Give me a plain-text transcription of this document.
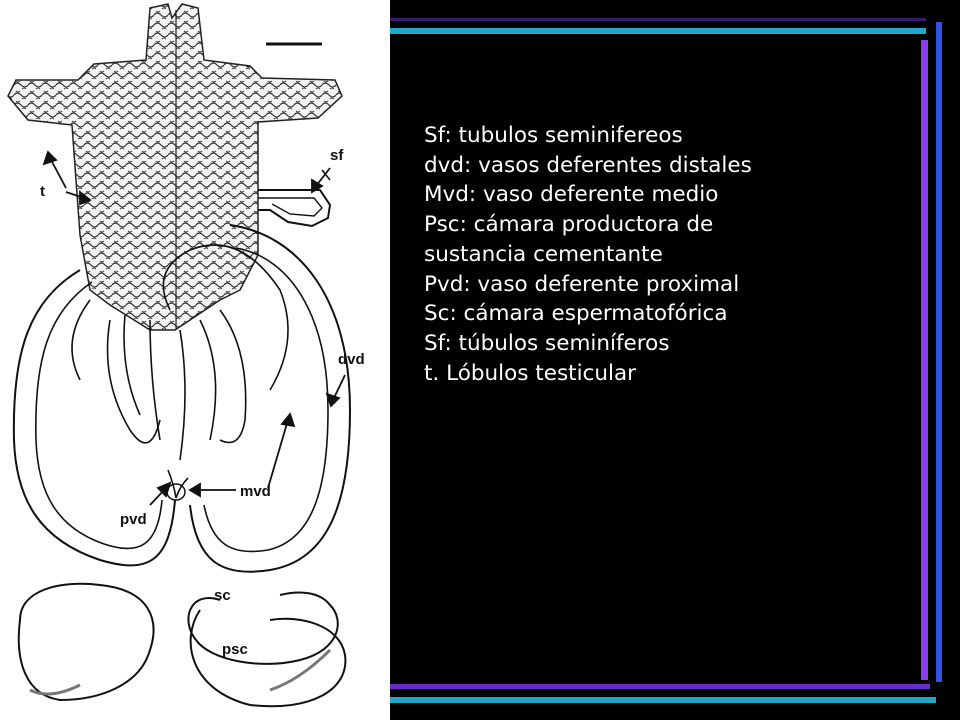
sf
t
dvd
mvd
pvd
sc
psc
Sf: tubulos seminifereos
dvd: vasos deferentes distales
Mvd: vaso deferente medio
Psc: cámara productora de
sustancia cementante
Pvd: vaso deferente proximal
Sc: cámara espermatofórica
Sf: túbulos seminíferos
t. Lóbulos testicular
